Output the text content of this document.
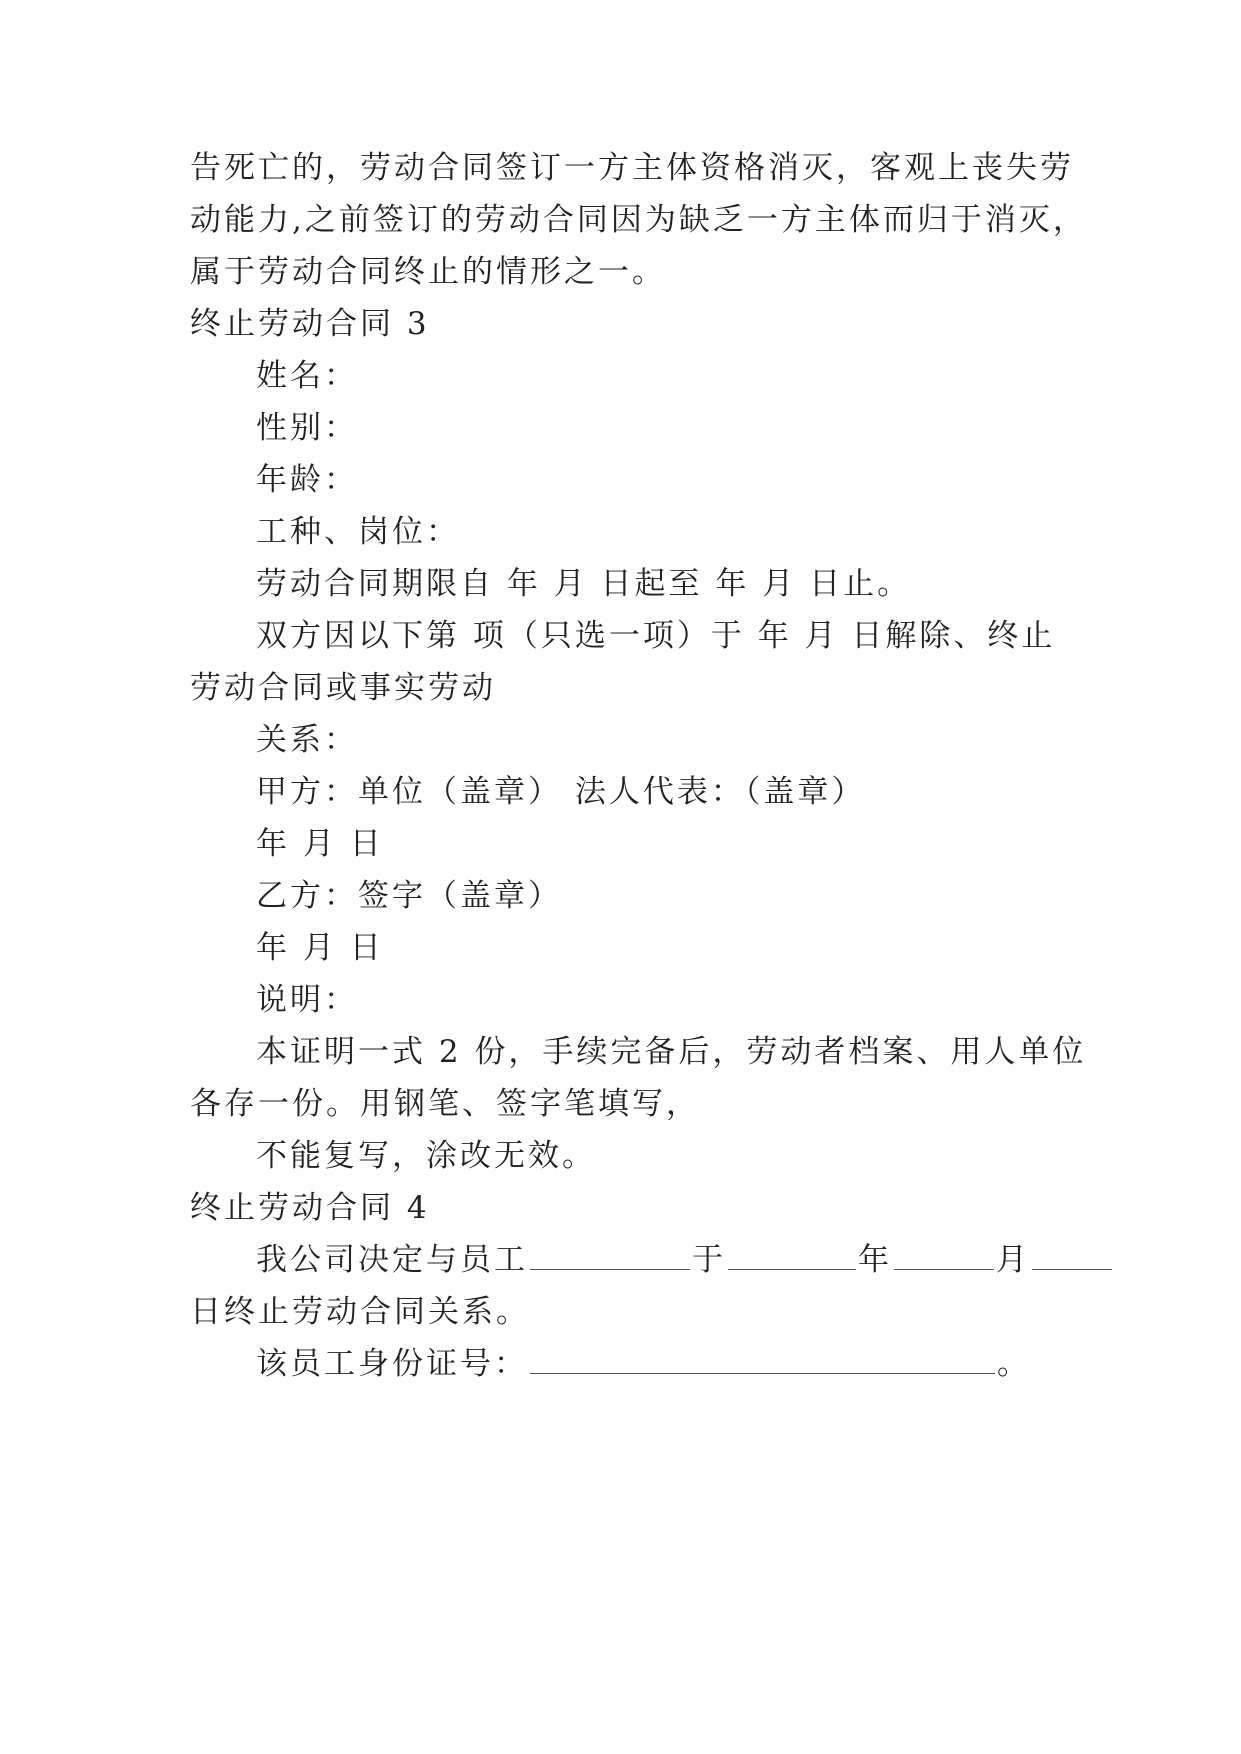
告死亡的，劳动合同签订一方主体资格消灭，客观上丧失劳
动能力,之前签订的劳动合同因为缺乏一方主体而归于消灭，
属于劳动合同终止的情形之一。
终止劳动合同 3
姓名：
性别：
年龄：
工种、岗位：
劳动合同期限自 年 月 日起至 年 月 日止。
双方因以下第 项（只选一项）于 年 月 日解除、终止
劳动合同或事实劳动
关系：
甲方：单位（盖章） 法人代表：（盖章）
年 月 日
乙方：签字（盖章）
年 月 日
说明：
本证明一式 2 份，手续完备后，劳动者档案、用人单位
各存一份。用钢笔、签字笔填写，
不能复写，涂改无效。
终止劳动合同 4
我公司决定与员工	于	年	月
日终止劳动合同关系。
该员工身份证号：	。
